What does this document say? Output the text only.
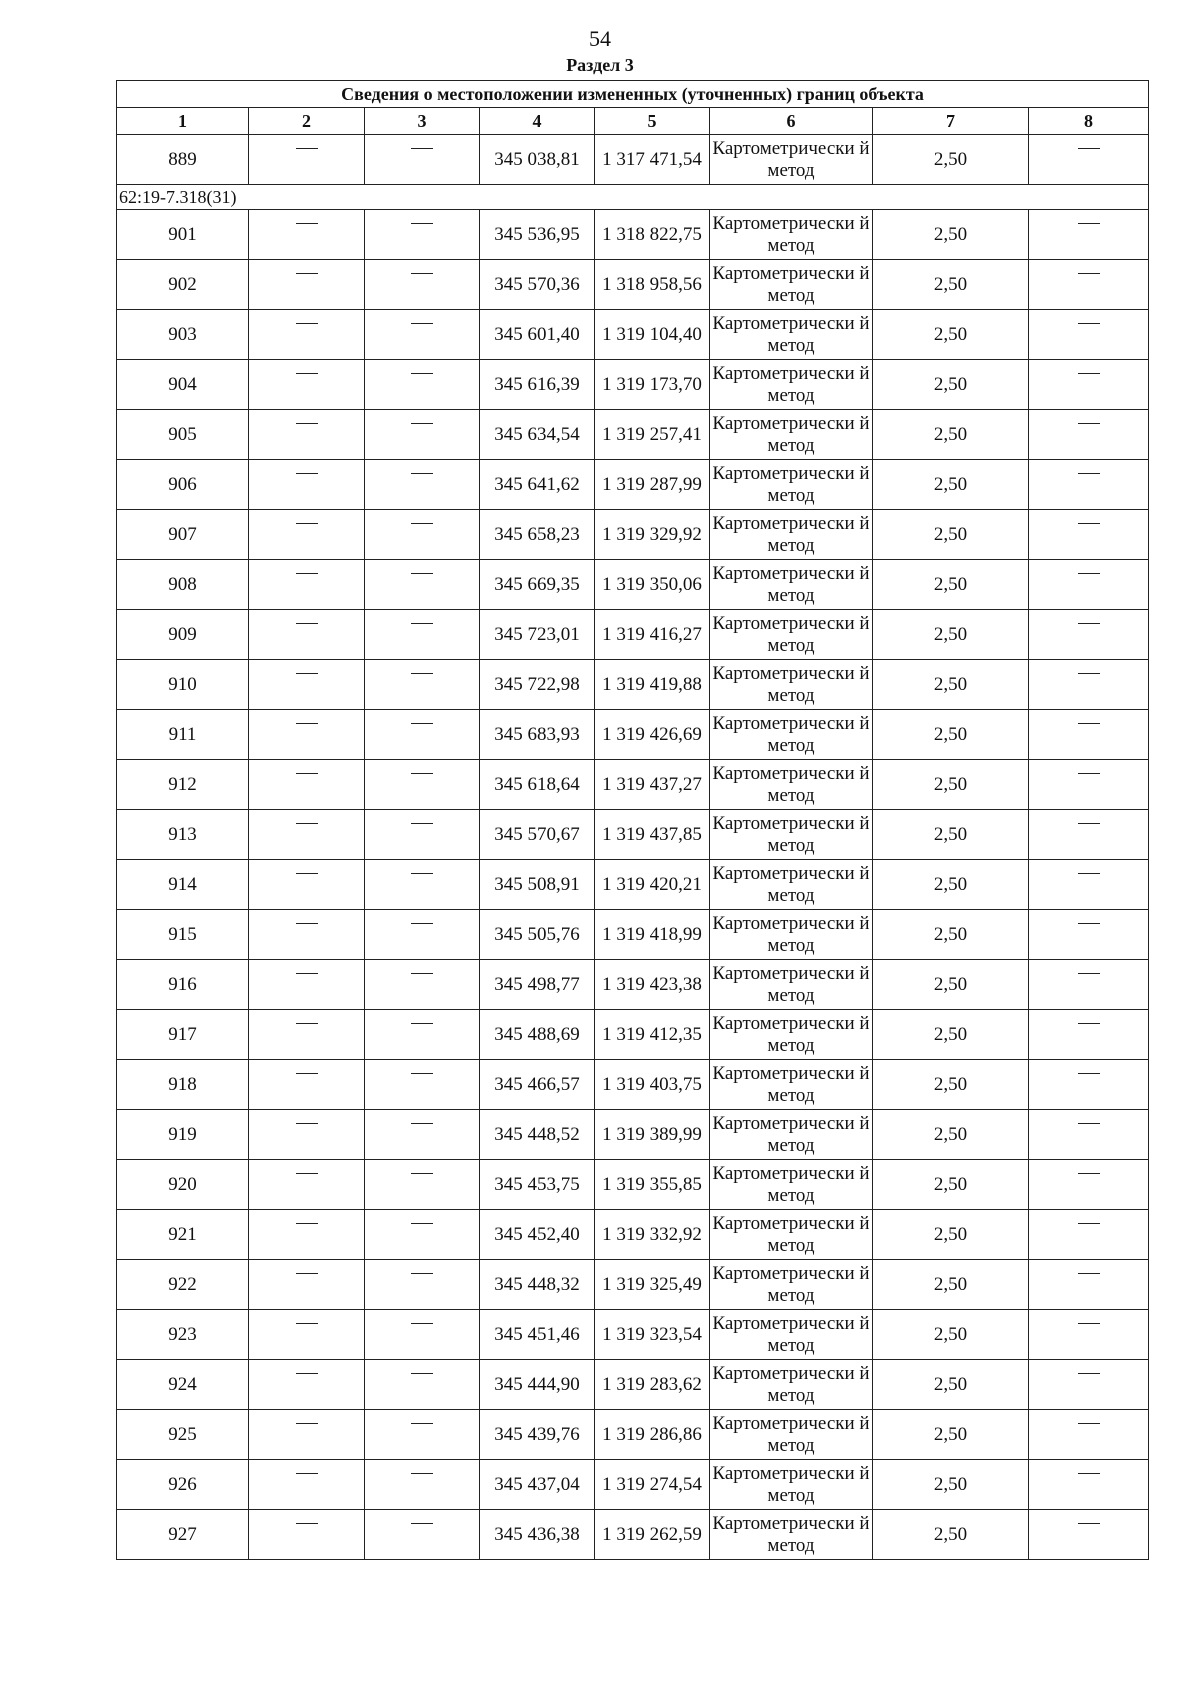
54
Раздел 3
Сведения о местоположении измененных (уточненных) границ объекта							
1	2	3	4	5	6	7	8
889			345 038,81	1 317 471,54	Картометрически й метод	2,50	
62:19-7.318(31)							
901			345 536,95	1 318 822,75	Картометрически й метод	2,50	
902			345 570,36	1 318 958,56	Картометрически й метод	2,50	
903			345 601,40	1 319 104,40	Картометрически й метод	2,50	
904			345 616,39	1 319 173,70	Картометрически й метод	2,50	
905			345 634,54	1 319 257,41	Картометрически й метод	2,50	
906			345 641,62	1 319 287,99	Картометрически й метод	2,50	
907			345 658,23	1 319 329,92	Картометрически й метод	2,50	
908			345 669,35	1 319 350,06	Картометрически й метод	2,50	
909			345 723,01	1 319 416,27	Картометрически й метод	2,50	
910			345 722,98	1 319 419,88	Картометрически й метод	2,50	
911			345 683,93	1 319 426,69	Картометрически й метод	2,50	
912			345 618,64	1 319 437,27	Картометрически й метод	2,50	
913			345 570,67	1 319 437,85	Картометрически й метод	2,50	
914			345 508,91	1 319 420,21	Картометрически й метод	2,50	
915			345 505,76	1 319 418,99	Картометрически й метод	2,50	
916			345 498,77	1 319 423,38	Картометрически й метод	2,50	
917			345 488,69	1 319 412,35	Картометрически й метод	2,50	
918			345 466,57	1 319 403,75	Картометрически й метод	2,50	
919			345 448,52	1 319 389,99	Картометрически й метод	2,50	
920			345 453,75	1 319 355,85	Картометрически й метод	2,50	
921			345 452,40	1 319 332,92	Картометрически й метод	2,50	
922			345 448,32	1 319 325,49	Картометрически й метод	2,50	
923			345 451,46	1 319 323,54	Картометрически й метод	2,50	
924			345 444,90	1 319 283,62	Картометрически й метод	2,50	
925			345 439,76	1 319 286,86	Картометрически й метод	2,50	
926			345 437,04	1 319 274,54	Картометрически й метод	2,50	
927			345 436,38	1 319 262,59	Картометрически й метод	2,50	
